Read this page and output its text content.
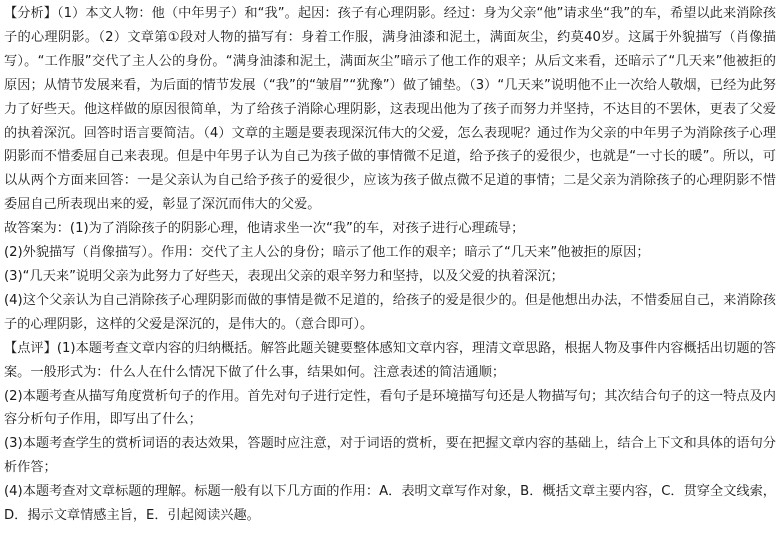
【分析】（1）本文人物：他（中年男子）和“我”。起因：孩子有心理阴影。经过：身为父亲“他”请求坐“我”的车，希望以此来消除孩子的心理阴影。（2）文章第①段对人物的描写有：身着工作服，满身油漆和泥土，满面灰尘，约莫40岁。这属于外貌描写（肖像描写）。“工作服”交代了主人公的身份。“满身油漆和泥土，满面灰尘”暗示了他工作的艰辛；从后文来看，还暗示了“几天来”他被拒的原因；从情节发展来看，为后面的情节发展（“我”的“皱眉”“犹豫”）做了铺垫。（3）“几天来”说明他不止一次给人敬烟，已经为此努力了好些天。他这样做的原因很简单，为了给孩子消除心理阴影，这表现出他为了孩子而努力并坚持，不达目的不罢休，更表了父爱的执着深沉。回答时语言要简洁。（4）文章的主题是要表现深沉伟大的父爱，怎么表现呢？通过作为父亲的中年男子为消除孩子心理阴影而不惜委屈自己来表现。但是中年男子认为自己为孩子做的事情微不足道，给予孩子的爱很少，也就是“一寸长的暖”。所以，可以从两个方面来回答：一是父亲认为自己给予孩子的爱很少，应该为孩子做点微不足道的事情；二是父亲为消除孩子的心理阴影不惜委屈自己所表现出来的爱，彰显了深沉而伟大的父爱。

故答案为：(1)为了消除孩子的阴影心理，他请求坐一次“我”的车，对孩子进行心理疏导；

(2)外貌描写（肖像描写）。作用：交代了主人公的身份；暗示了他工作的艰辛；暗示了“几天来”他被拒的原因；

(3)“几天来”说明父亲为此努力了好些天，表现出父亲的艰辛努力和坚持，以及父爱的执着深沉；

(4)这个父亲认为自己消除孩子心理阴影而做的事情是微不足道的，给孩子的爱是很少的。但是他想出办法，不惜委屈自己，来消除孩子的心理阴影，这样的父爱是深沉的，是伟大的。（意合即可）。

【点评】(1)本题考查文章内容的归纳概括。解答此题关键要整体感知文章内容，理清文章思路，根据人物及事件内容概括出切题的答案。一般形式为：什么人在什么情况下做了什么事，结果如何。注意表述的简洁通顺；

(2)本题考查从描写角度赏析句子的作用。首先对句子进行定性，看句子是环境描写句还是人物描写句；其次结合句子的这一特点及内容分析句子作用，即写出了什么；

(3)本题考查学生的赏析词语的表达效果，答题时应注意，对于词语的赏析，要在把握文章内容的基础上，结合上下文和具体的语句分析作答；

(4)本题考查对文章标题的理解。标题一般有以下几方面的作用：A．表明文章写作对象，B．概括文章主要内容，C．贯穿全文线索，D．揭示文章情感主旨，E．引起阅读兴趣。
